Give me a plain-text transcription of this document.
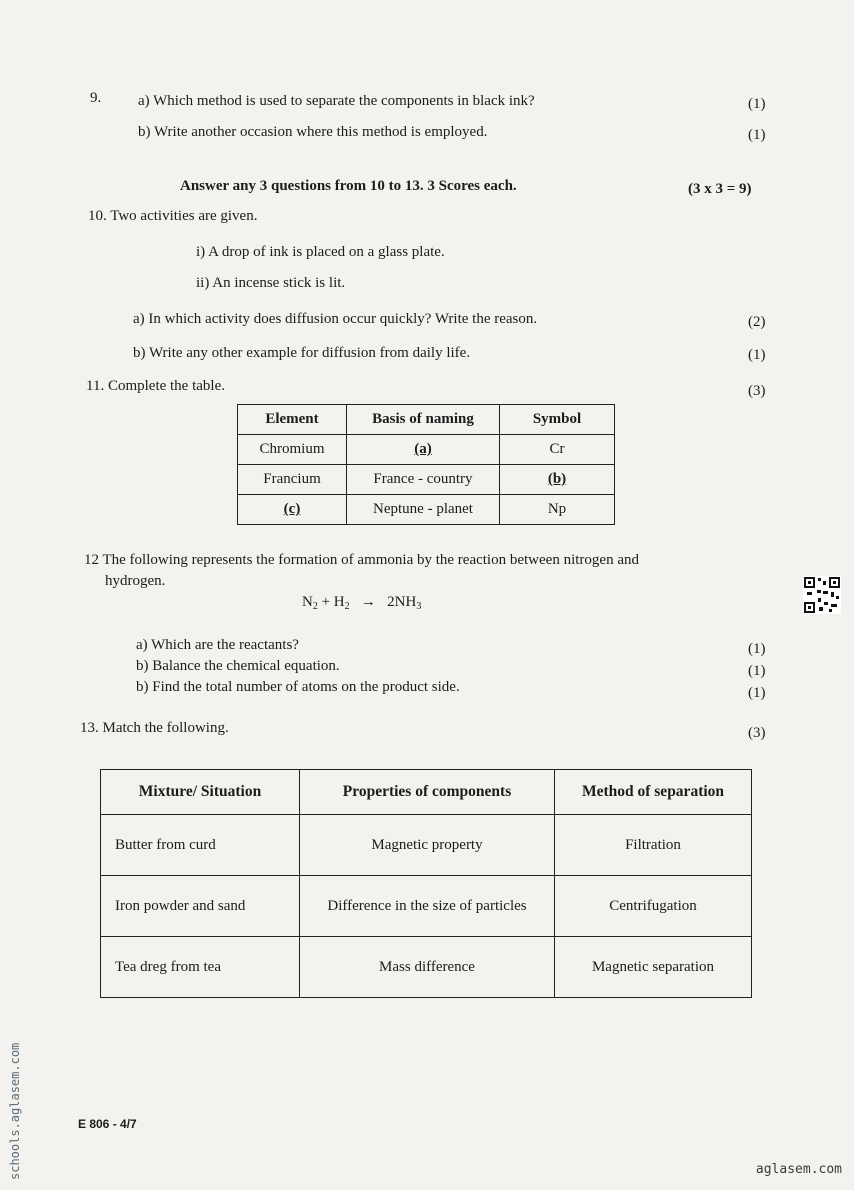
9. a) Which method is used to separate the components in black ink?	(1)
b) Write another occasion where this method is employed.	(1)
Answer any 3 questions from 10 to 13. 3 Scores each.	(3 x 3 = 9)
10. Two activities are given.
i) A drop of ink is placed on a glass plate.
ii) An incense stick is lit.
a) In which activity does diffusion occur quickly? Write the reason.	(2)
b) Write any other example for diffusion from daily life.	(1)
11. Complete the table.	(3)
Element	Basis of naming	Symbol
Chromium	(a)	Cr
Francium	France - country	(b)
(c)	Neptune - planet	Np
12 The following represents the formation of ammonia by the reaction between nitrogen and
hydrogen.
$N_2 + H_2 \to 2NH_3$
a) Which are the reactants?	(1)
b) Balance the chemical equation.	(1)
b) Find the total number of atoms on the product side.	(1)
13. Match the following.	(3)
Mixture/ Situation	Properties of components	Method of separation
Butter from curd	Magnetic property	Filtration
Iron powder and sand	Difference in the size of particles	Centrifugation
Tea dreg from tea	Mass difference	Magnetic separation
E 806 - 4/7
schools.aglasem.com	aglasem.com
